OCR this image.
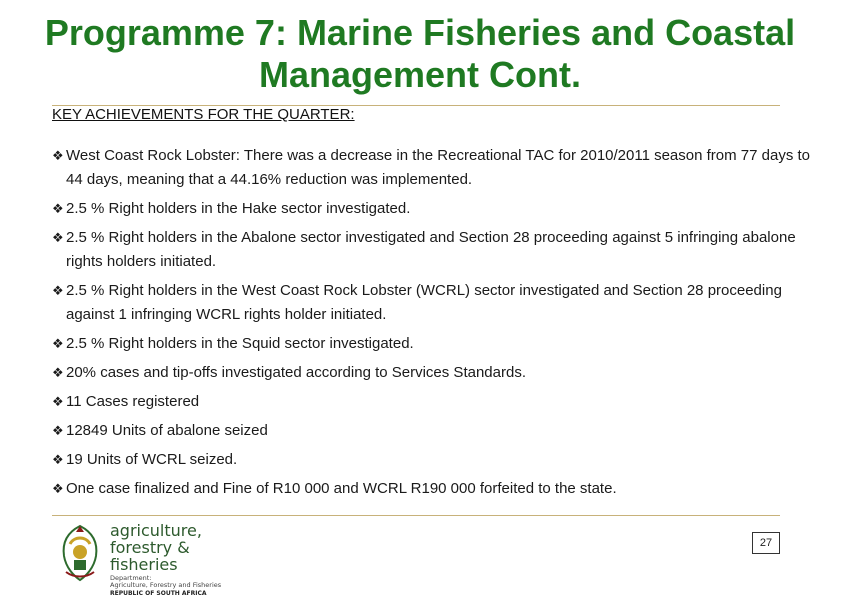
Programme 7: Marine Fisheries and Coastal Management Cont.
KEY ACHIEVEMENTS FOR THE QUARTER:
❖ West Coast Rock Lobster: There was a decrease in the Recreational TAC for 2010/2011 season from 77 days to 44 days, meaning that a 44.16% reduction was implemented.
❖ 2.5 % Right holders in the Hake sector investigated.
❖ 2.5 % Right holders in the Abalone sector investigated and Section 28 proceeding against 5 infringing abalone rights holders initiated.
❖ 2.5 % Right holders in the West Coast Rock Lobster (WCRL) sector investigated and Section 28 proceeding against 1 infringing WCRL rights holder initiated.
❖ 2.5 % Right holders in the Squid sector investigated.
❖ 20% cases and tip-offs investigated according to Services Standards.
❖ 11 Cases registered
❖ 12849 Units of abalone seized
❖ 19 Units of WCRL seized.
❖ One case finalized and Fine of R10 000 and WCRL R190 000 forfeited to the state.
agriculture,
forestry & fisheries
Department:
Agriculture, Forestry and Fisheries
REPUBLIC OF SOUTH AFRICA
27
